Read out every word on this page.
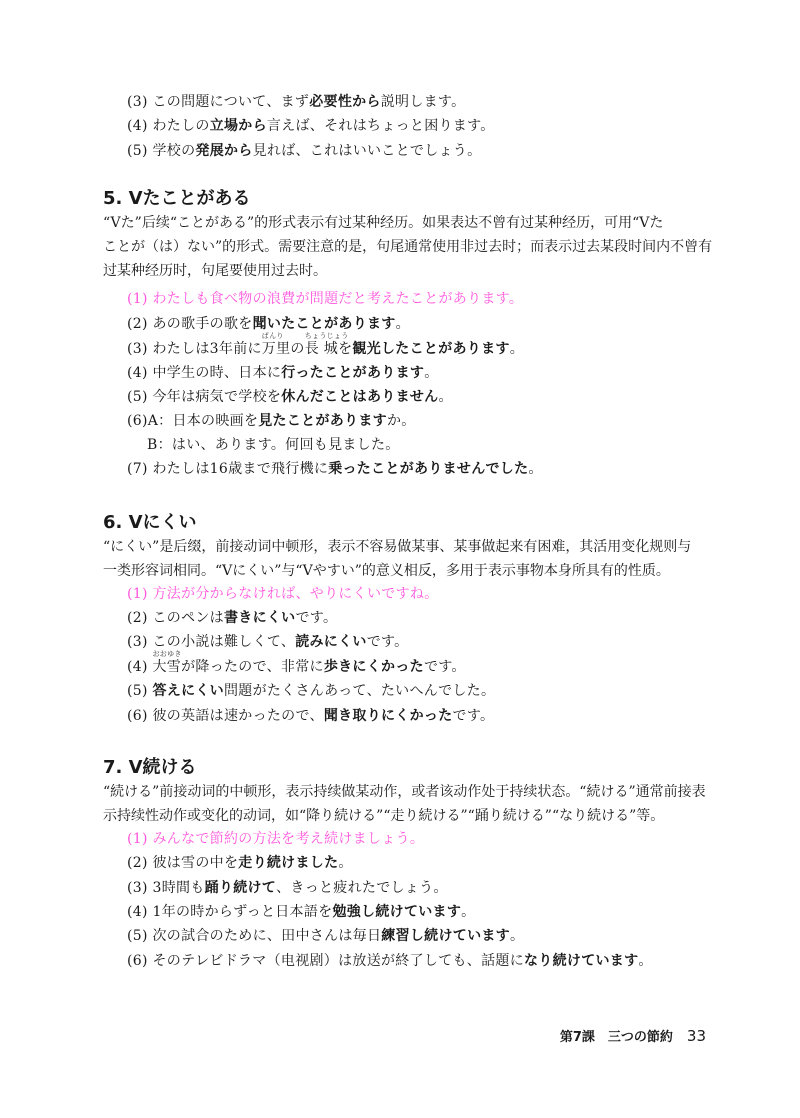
(3) この問題について、まず必要性から説明します。
(4) わたしの立場から言えば、それはちょっと困ります。
(5) 学校の発展から見れば、これはいいことでしょう。
5. Vたことがある
“Vた”后续“ことがある”的形式表示有过某种经历。如果表达不曾有过某种经历，可用“Vた
ことが（は）ない”的形式。需要注意的是，句尾通常使用非过去时；而表示过去某段时间内不曾有
过某种经历时，句尾要使用过去时。
(1) わたしも食べ物の浪費が問題だと考えたことがあります。
(2) あの歌手の歌を聞いたことがあります。
(3) わたしは3年前に
ばんり
万里の
ちょうじょう
長 城を観光したことがあります。
(4) 中学生の時、日本に行ったことがあります。
(5) 今年は病気で学校を休んだことはありません。
(6)A：日本の映画を見たことがありますか。
B：はい、あります。何回も見ました。
(7) わたしは16歳まで飛行機に乗ったことがありませんでした。
6. Vにくい
“にくい”是后缀，前接动词中顿形，表示不容易做某事、某事做起来有困难，其活用变化规则与
一类形容词相同。“Vにくい”与“Vやすい”的意义相反，多用于表示事物本身所具有的性质。
(1) 方法が分からなければ、やりにくいですね。
(2) このペンは書きにくいです。
(3) この小説は難しくて、読みにくいです。
(4)
おおゆき
大雪が降ったので、非常に歩きにくかったです。
(5) 答えにくい問題がたくさんあって、たいへんでした。
(6) 彼の英語は速かったので、聞き取りにくかったです。
7. V続ける
“続ける”前接动词的中顿形，表示持续做某动作，或者该动作处于持续状态。“続ける”通常前接表
示持续性动作或变化的动词，如“降り続ける”“走り続ける”“踊り続ける”“なり続ける”等。
(1) みんなで節約の方法を考え続けましょう。
(2) 彼は雪の中を走り続けました。
(3) 3時間も踊り続けて、きっと疲れたでしょう。
(4) 1年の時からずっと日本語を勉強し続けています。
(5) 次の試合のために、田中さんは毎日練習し続けています。
(6) そのテレビドラマ（电视剧）は放送が終了しても、話題になり続けています。
第7課　三つの節約 33
